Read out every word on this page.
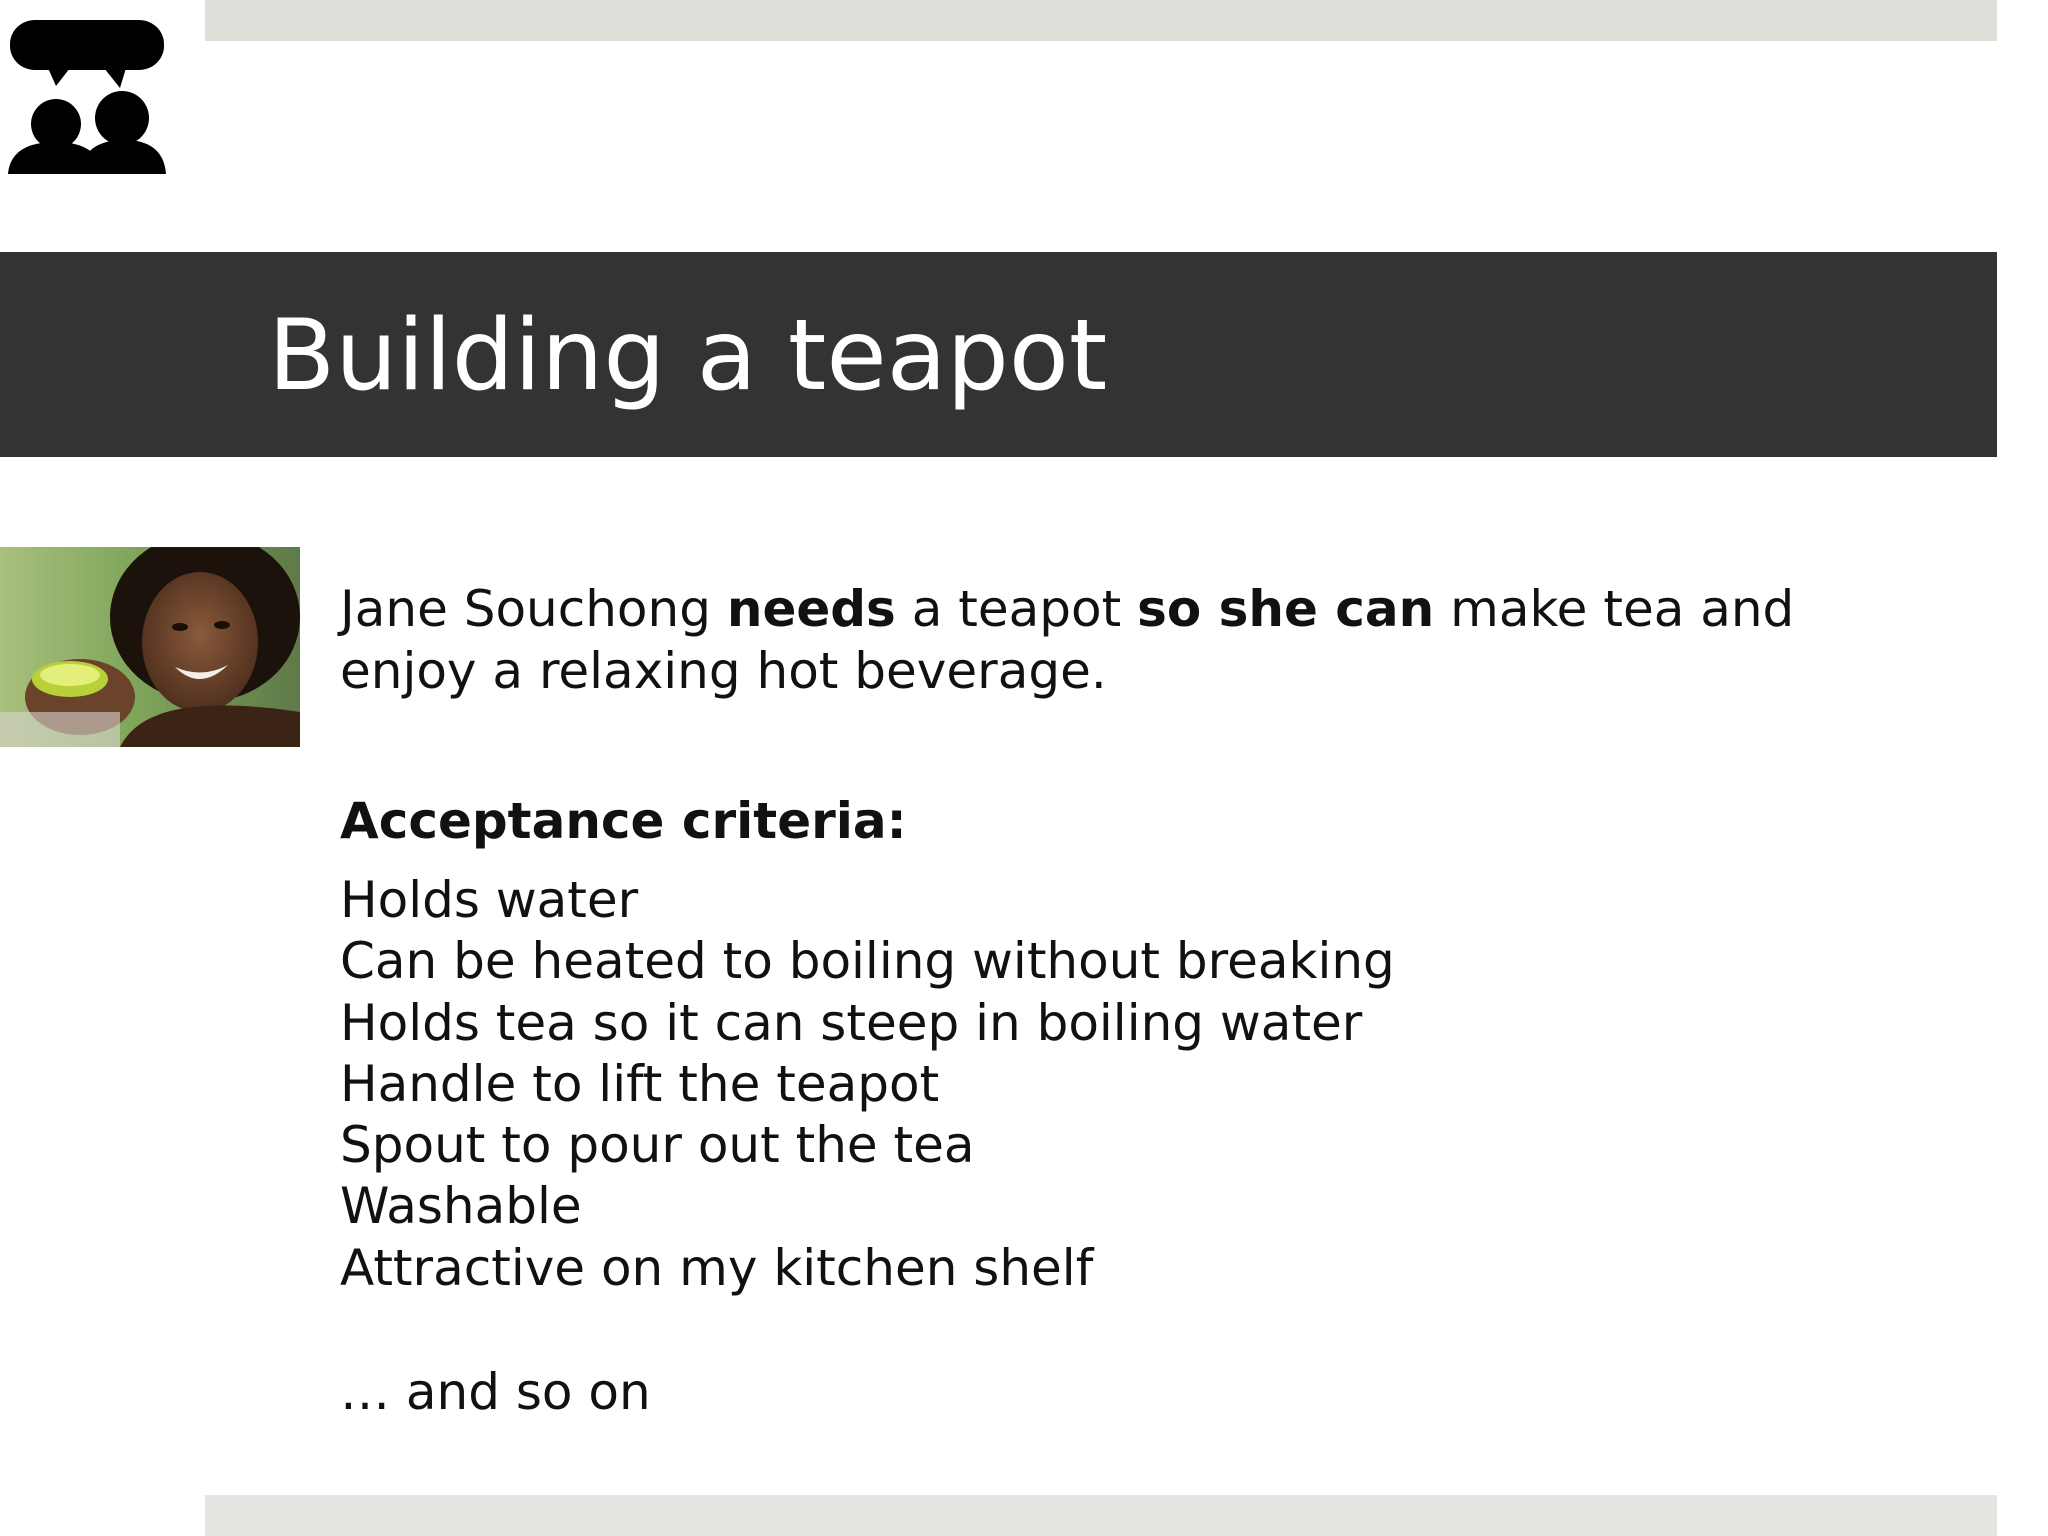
Building a teapot

Jane Souchong needs a teapot so she can make tea and enjoy a relaxing hot beverage.

Acceptance criteria:

Holds water
Can be heated to boiling without breaking
Holds tea so it can steep in boiling water
Handle to lift the teapot
Spout to pour out the tea
Washable
Attractive on my kitchen shelf

… and so on
